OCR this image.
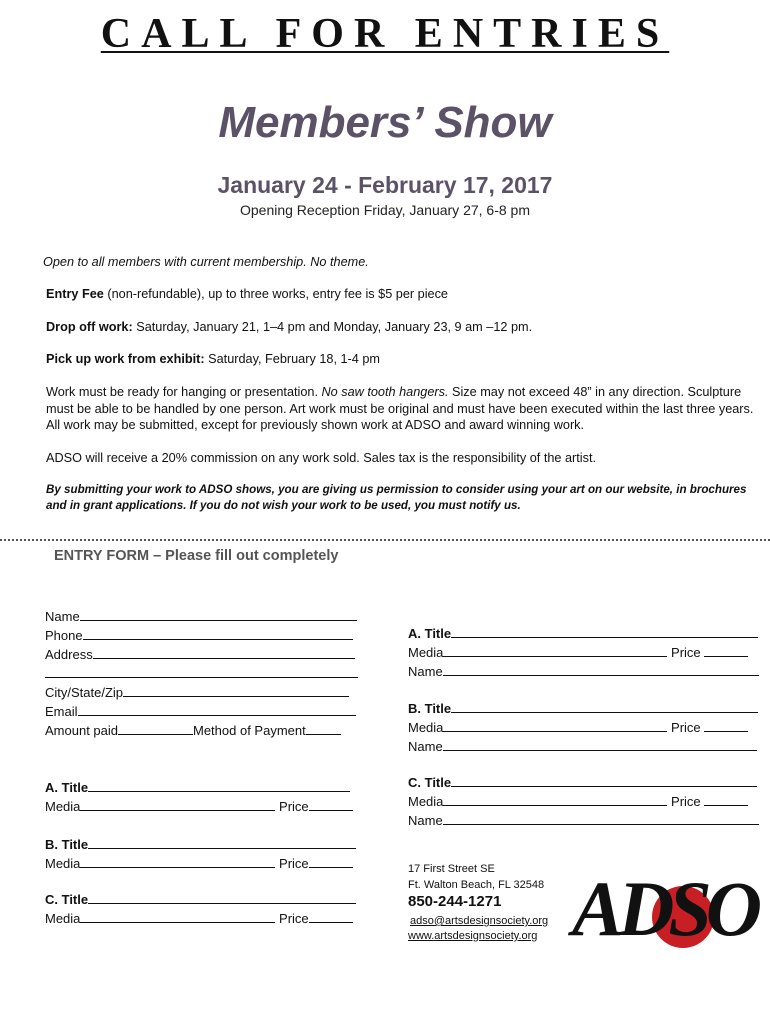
CALL FOR ENTRIES
Members’ Show
January 24 - February 17, 2017
Opening Reception Friday, January 27, 6-8 pm
Open to all members with current membership. No theme.
Entry Fee (non-refundable), up to three works, entry fee is $5 per piece
Drop off work: Saturday, January 21, 1–4 pm and Monday, January 23, 9 am –12 pm.
Pick up work from exhibit: Saturday, February 18, 1-4 pm
Work must be ready for hanging or presentation. No saw tooth hangers. Size may not exceed 48” in any direction. Sculpture must be able to be handled by one person. Art work must be original and must have been executed within the last three years. All work may be submitted, except for previously shown work at ADSO and award winning work.
ADSO will receive a 20% commission on any work sold. Sales tax is the responsibility of the artist.
By submitting your work to ADSO shows, you are giving us permission to consider using your art on our website, in brochures and in grant applications. If you do not wish your work to be used, you must notify us.
ENTRY FORM – Please fill out completely
Name
Phone
Address
City/State/Zip
Email
Amount paid	Method of Payment
A. Title
Media	Price
B. Title
Media	Price
C. Title
Media	Price
A. Title
Media	Price
Name
B. Title
Media	Price
Name
C. Title
Media	Price
Name
17 First Street SE
Ft. Walton Beach, FL 32548
850-244-1271
adso@artsdesignsociety.org
www.artsdesignsociety.org ADSO
